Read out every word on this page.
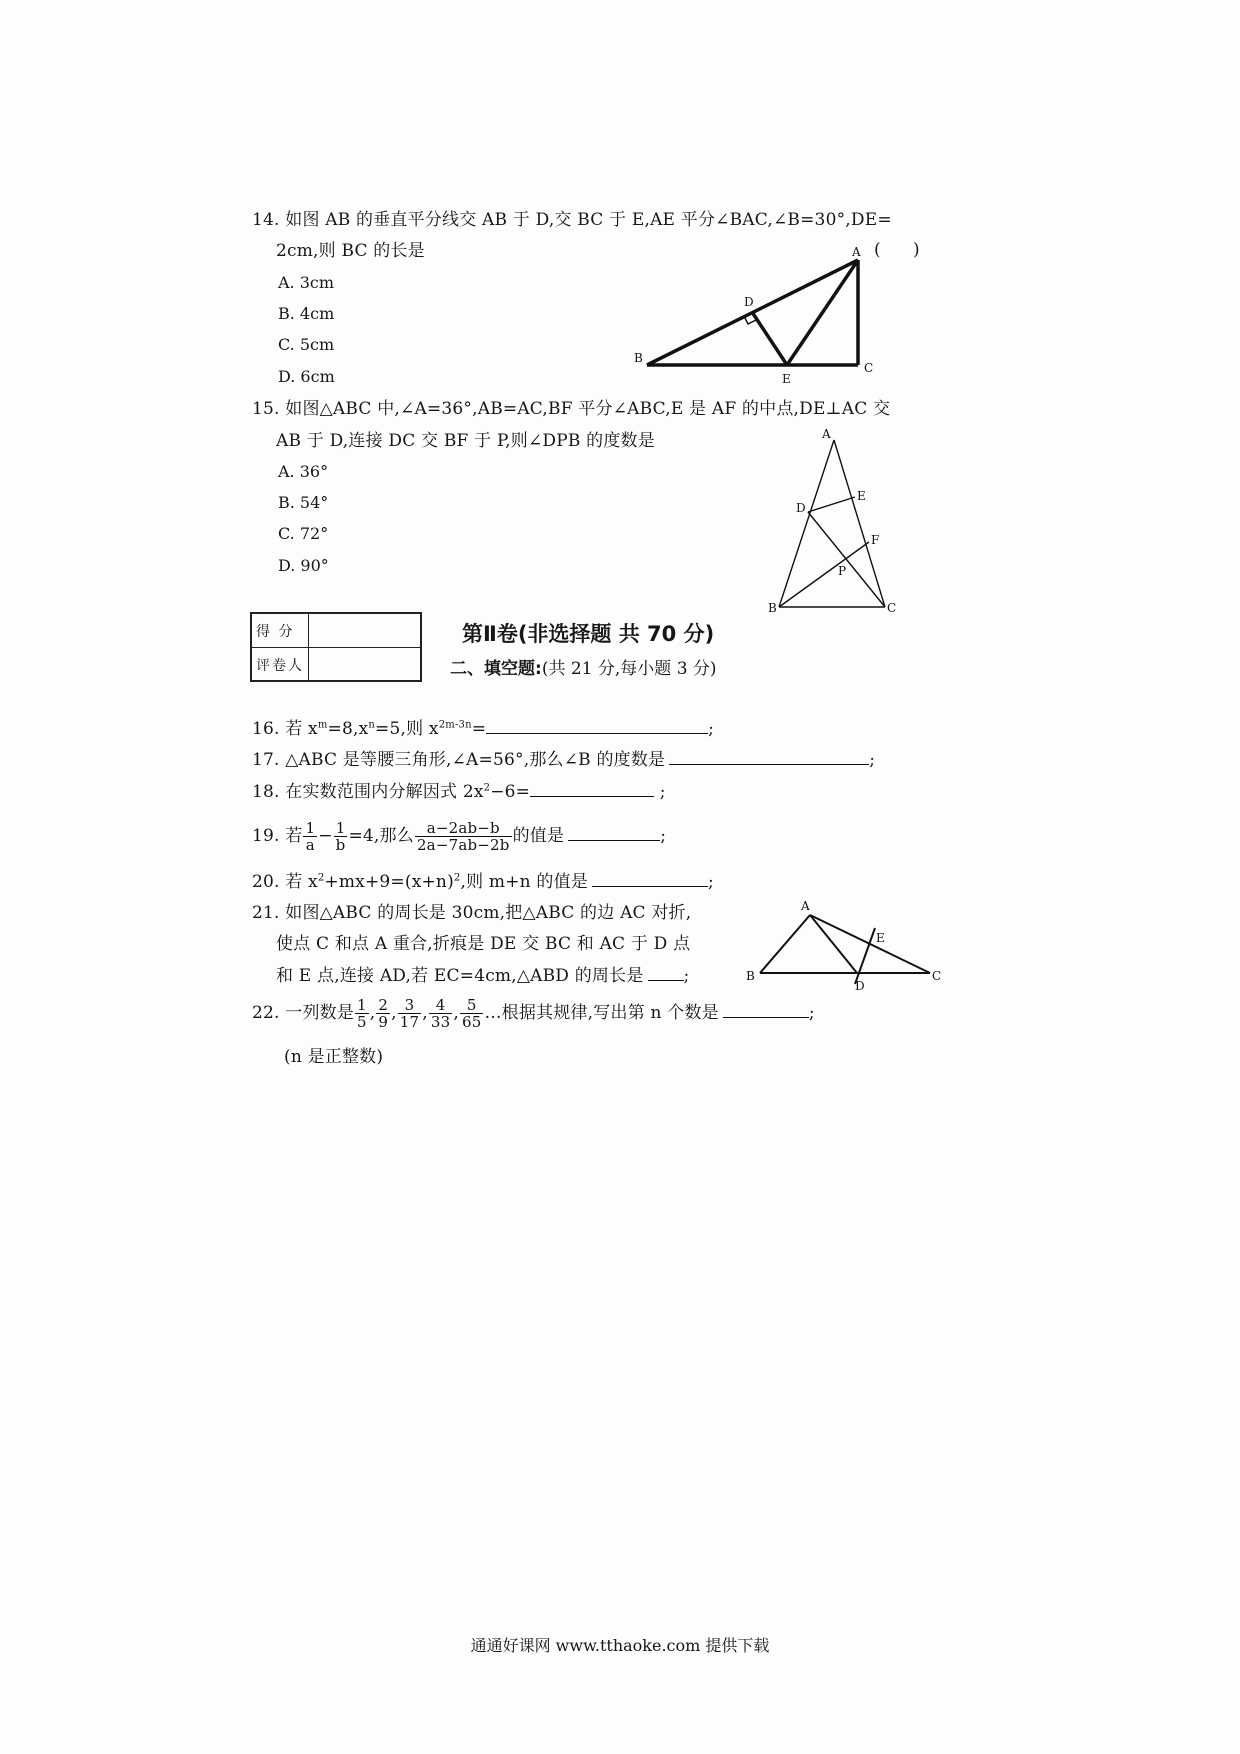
14. 如图 AB 的垂直平分线交 AB 于 D,交 BC 于 E,AE 平分∠BAC,∠B=30°,DE=
2cm,则 BC 的长是	(      )
A. 3cm
B. 4cm
C. 5cm
D. 6cm
A
B
C
D
E
15. 如图△ABC 中,∠A=36°,AB=AC,BF 平分∠ABC,E 是 AF 的中点,DE⊥AC 交
AB 于 D,连接 DC 交 BF 于 P,则∠DPB 的度数是
A. 36°
B. 54°
C. 72°
D. 90°
A
B	C
D
E
F
P
得 分
评卷人
第Ⅱ卷(非选择题 共 70 分)
二、填空题:(共 21 分,每小题 3 分)
16. 若 $x^m=8,x^n=5$,则 $x^{2m-3n}=$	;
17. △ABC 是等腰三角形,∠A=56°,那么∠B 的度数是	;
18. 在实数范围内分解因式 $2x^2-6=$	;
19. 若 $\frac{1}{a} - \frac{1}{b} =4$,那么 $\frac{a-2ab-b}{2a-7ab-2b}$ 的值是	;
20. 若 $x^2+mx+9=(x+n)^2$,则 m+n 的值是	;
21. 如图△ABC 的周长是 30cm,把△ABC 的边 AC 对折,
使点 C 和点 A 重合,折痕是 DE 交 BC 和 AC 于 D 点
和 E 点,连接 AD,若 EC=4cm,△ABD 的周长是 ;
A
B	C
D
E
22. 一列数是 $\frac{1}{5}$ , $\frac{2}{9}$ , $\frac{3}{17}$ , $\frac{4}{33}$ , $\frac{5}{65}$ …根据其规律,写出第 n 个数是	;
(n 是正整数)
通通好课网 www.tthaoke.com 提供下载
